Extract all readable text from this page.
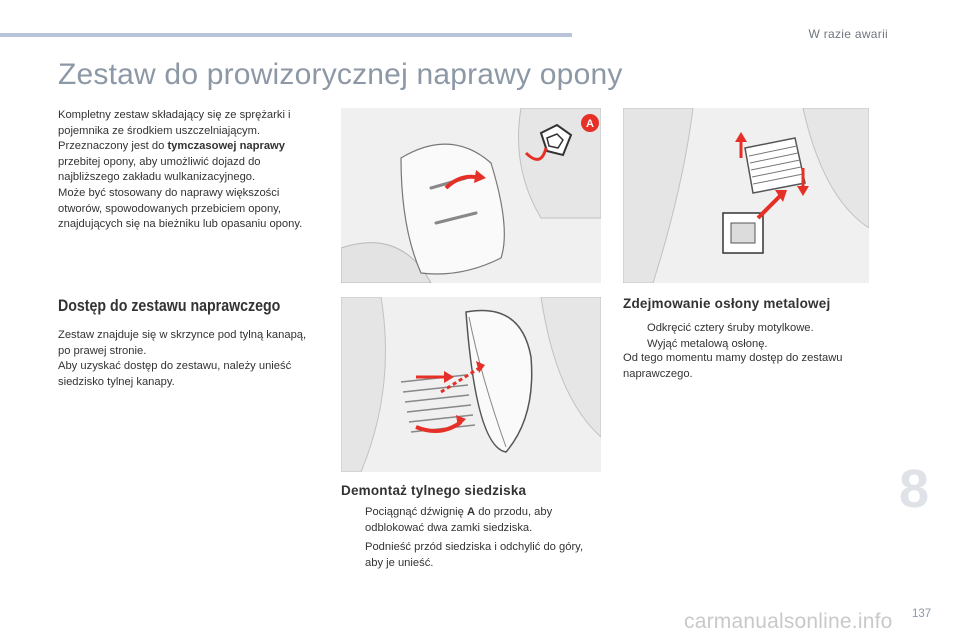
W razie awarii
Zestaw do prowizorycznej naprawy opony
Kompletny zestaw składający się ze sprężarki i pojemnika ze środkiem uszczelniającym. Przeznaczony jest do tymczasowej naprawy przebitej opony, aby umożliwić dojazd do najbliższego zakładu wulkanizacyjnego.
Może być stosowany do naprawy większości otworów, spowodowanych przebiciem opony, znajdujących się na bieżniku lub opasaniu opony.
Dostęp do zestawu naprawczego
Zestaw znajduje się w skrzynce pod tylną kanapą, po prawej stronie.
Aby uzyskać dostęp do zestawu, należy unieść siedzisko tylnej kanapy.
A
Zdejmowanie osłony metalowej
Odkręcić cztery śruby motylkowe.
Wyjąć metalową osłonę.

Od tego momentu mamy dostęp do zestawu naprawczego.

Demontaż tylnego siedziska
Pociągnąć dźwignię A do przodu, aby odblokować dwa zamki siedziska.
Podnieść przód siedziska i odchylić do góry, aby je unieść.
8
137
carmanualsonline.info
